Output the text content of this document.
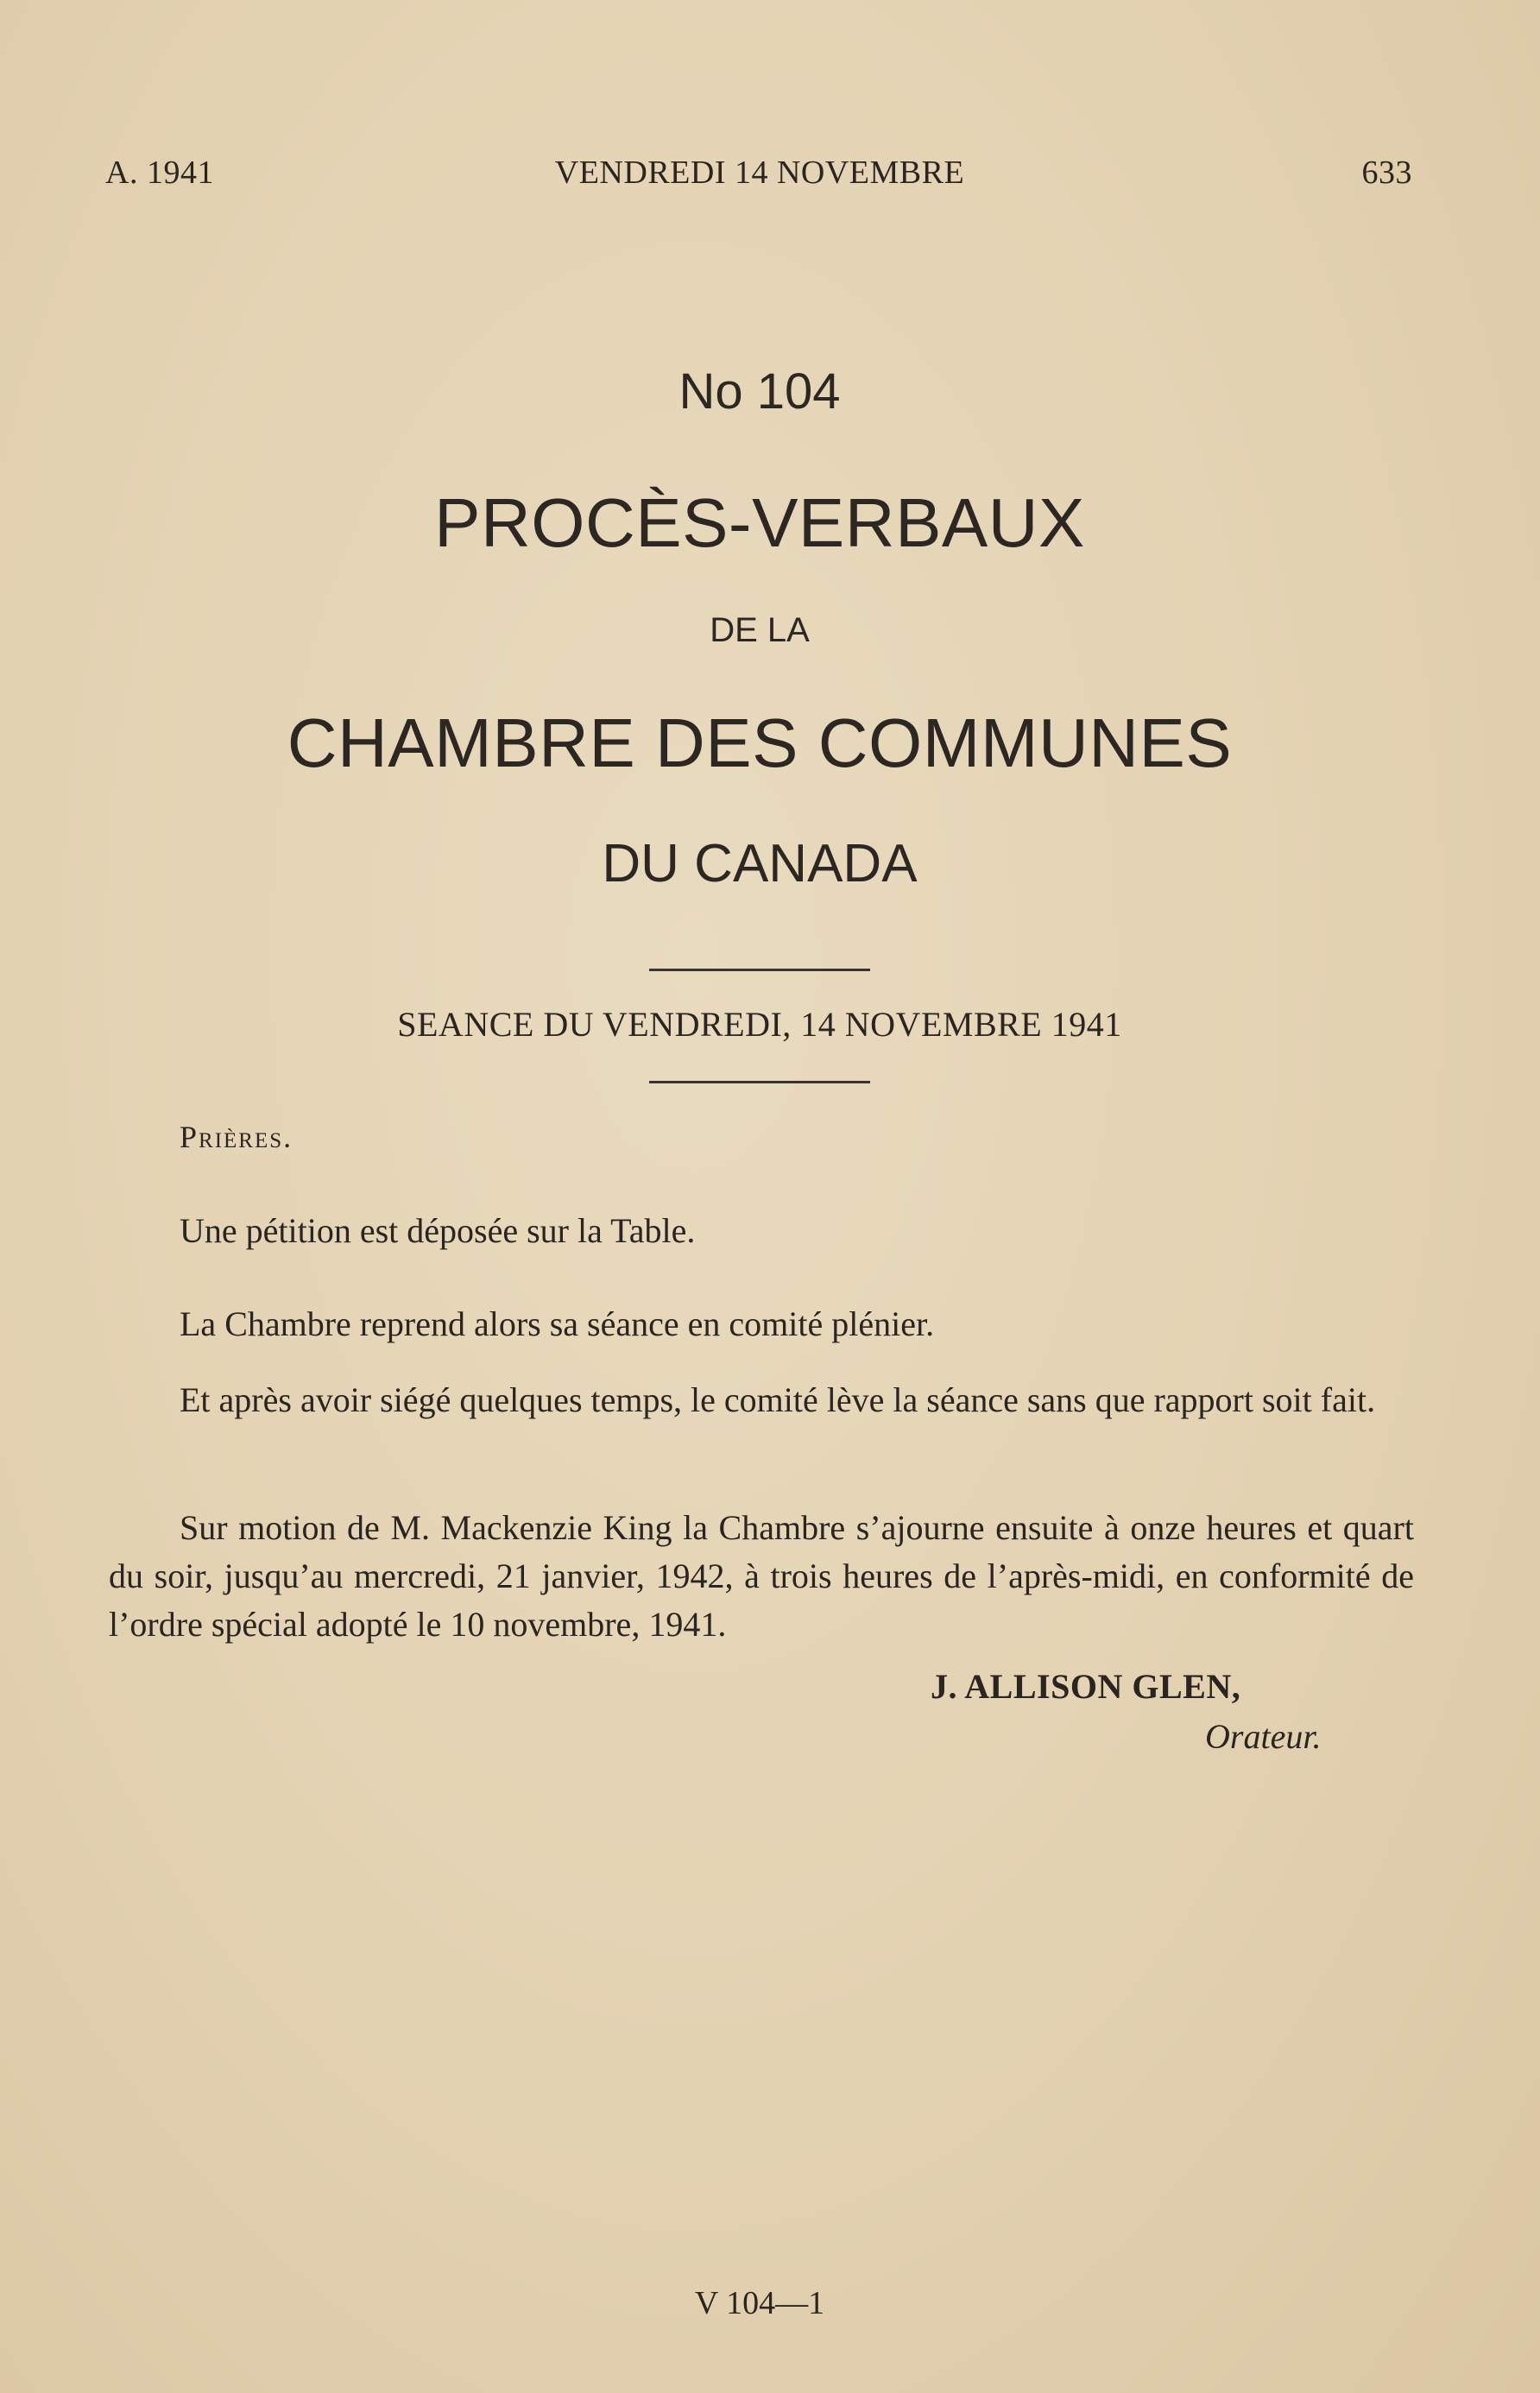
A. 1941	VENDREDI 14 NOVEMBRE	633
No 104
PROCÈS-VERBAUX
DE LA
CHAMBRE DES COMMUNES
DU CANADA
SEANCE DU VENDREDI, 14 NOVEMBRE 1941
Prières.

Une pétition est déposée sur la Table.

La Chambre reprend alors sa séance en comité plénier.

Et après avoir siégé quelques temps, le comité lève la séance sans que rapport soit fait.

Sur motion de M. Mackenzie King la Chambre s’ajourne ensuite à onze heures et quart du soir, jusqu’au mercredi, 21 janvier, 1942, à trois heures de l’après-midi, en conformité de l’ordre spécial adopté le 10 novembre, 1941.

J. ALLISON GLEN,
Orateur.
V 104—1
